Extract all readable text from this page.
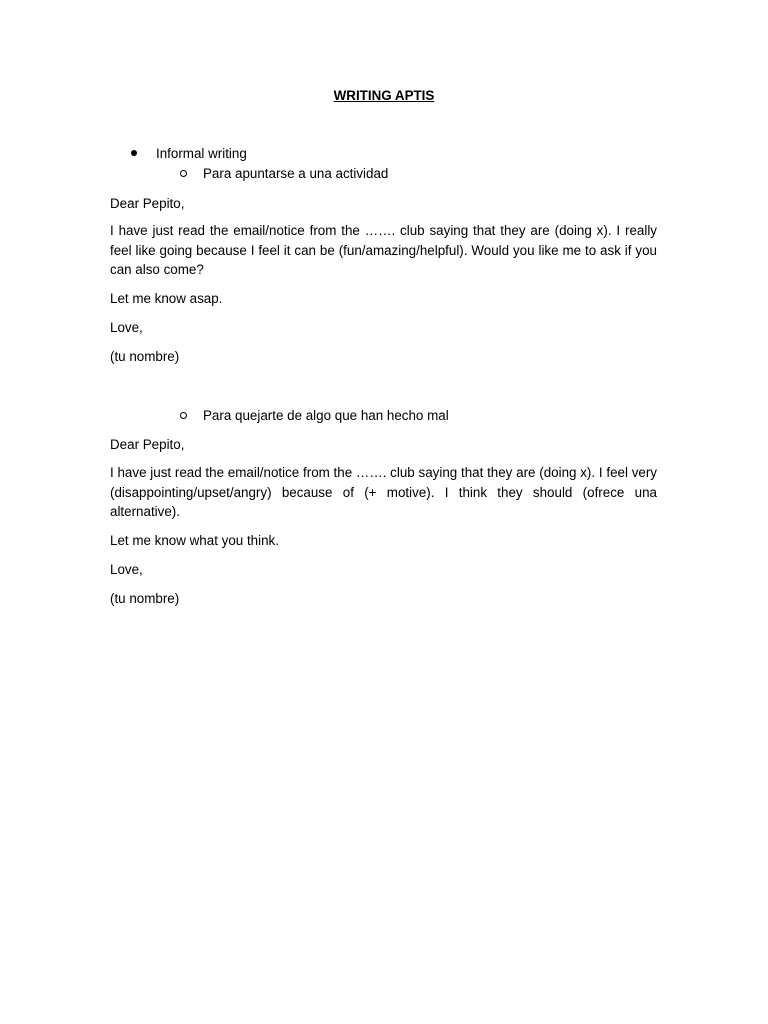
WRITING APTIS
Informal writing
Para apuntarse a una actividad
Dear Pepito,
I have just read the email/notice from the ……. club saying that they are (doing x). I really feel like going because I feel it can be (fun/amazing/helpful). Would you like me to ask if you can also come?
Let me know asap.
Love,
(tu nombre)
Para quejarte de algo que han hecho mal
Dear Pepito,
I have just read the email/notice from the ……. club saying that they are (doing x). I feel very (disappointing/upset/angry) because of (+ motive). I think they should (ofrece una alternative).
Let me know what you think.
Love,
(tu nombre)
